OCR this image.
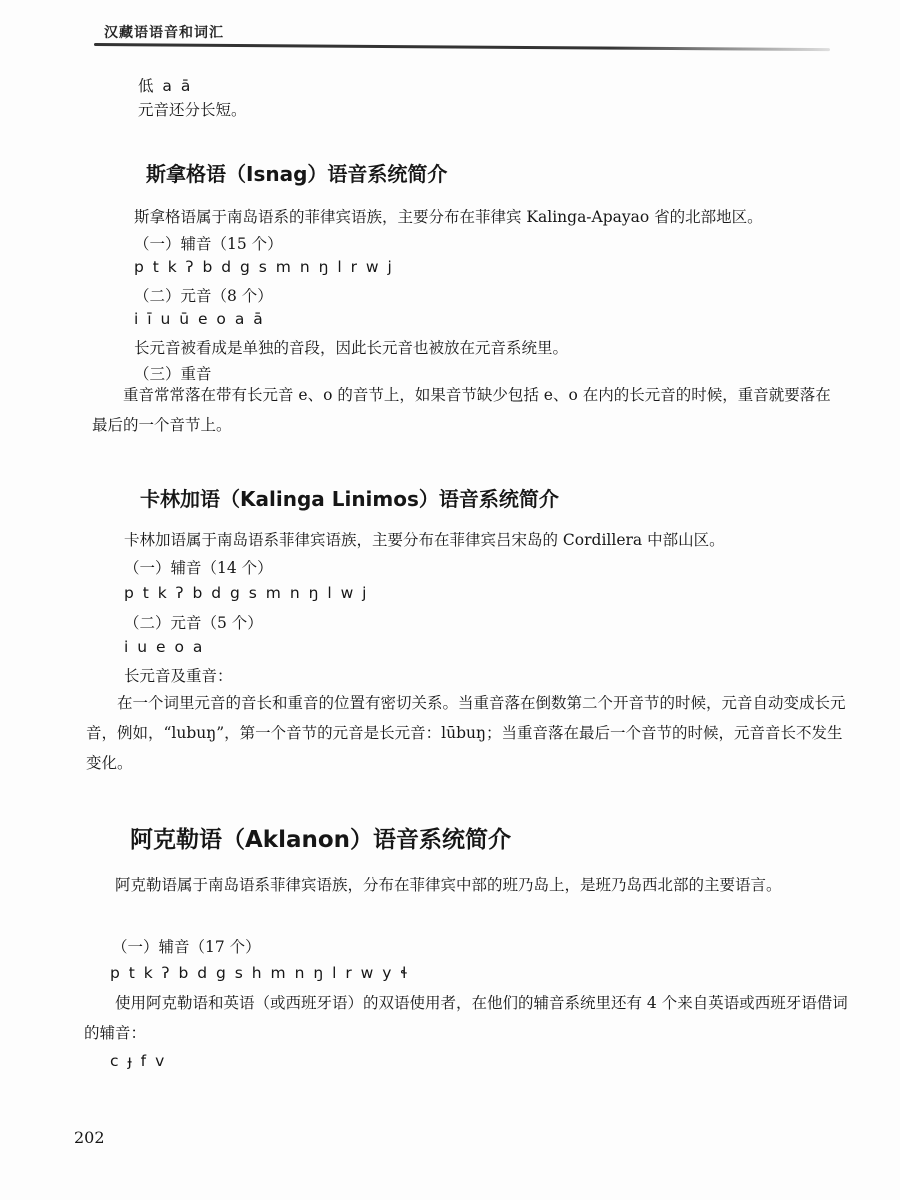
汉藏语语音和词汇
低 a ā
元音还分长短。
斯拿格语（Isnag）语音系统简介
斯拿格语属于南岛语系的菲律宾语族，主要分布在菲律宾 Kalinga-Apayao 省的北部地区。
（一）辅音（15 个）
p t k ʔ b d g s m n ŋ l r w j
（二）元音（8 个）
i ī u ū e o a ā
长元音被看成是单独的音段，因此长元音也被放在元音系统里。
（三）重音
重音常常落在带有长元音 e、o 的音节上，如果音节缺少包括 e、o 在内的长元音的时候，重音就要落在最后的一个音节上。
卡林加语（Kalinga Linimos）语音系统简介
卡林加语属于南岛语系菲律宾语族，主要分布在菲律宾吕宋岛的 Cordillera 中部山区。
（一）辅音（14 个）
p t k ʔ b d g s m n ŋ l w j
（二）元音（5 个）
i u e o a
长元音及重音：
在一个词里元音的音长和重音的位置有密切关系。当重音落在倒数第二个开音节的时候，元音自动变成长元音，例如，“lubuŋ”，第一个音节的元音是长元音：lūbuŋ；当重音落在最后一个音节的时候，元音音长不发生变化。
阿克勒语（Aklanon）语音系统简介
阿克勒语属于南岛语系菲律宾语族，分布在菲律宾中部的班乃岛上，是班乃岛西北部的主要语言。
（一）辅音（17 个）
p t k ʔ b d g s h m n ŋ l r w y ɬ
使用阿克勒语和英语（或西班牙语）的双语使用者，在他们的辅音系统里还有 4 个来自英语或西班牙语借词的辅音：
c ɟ f v
202
